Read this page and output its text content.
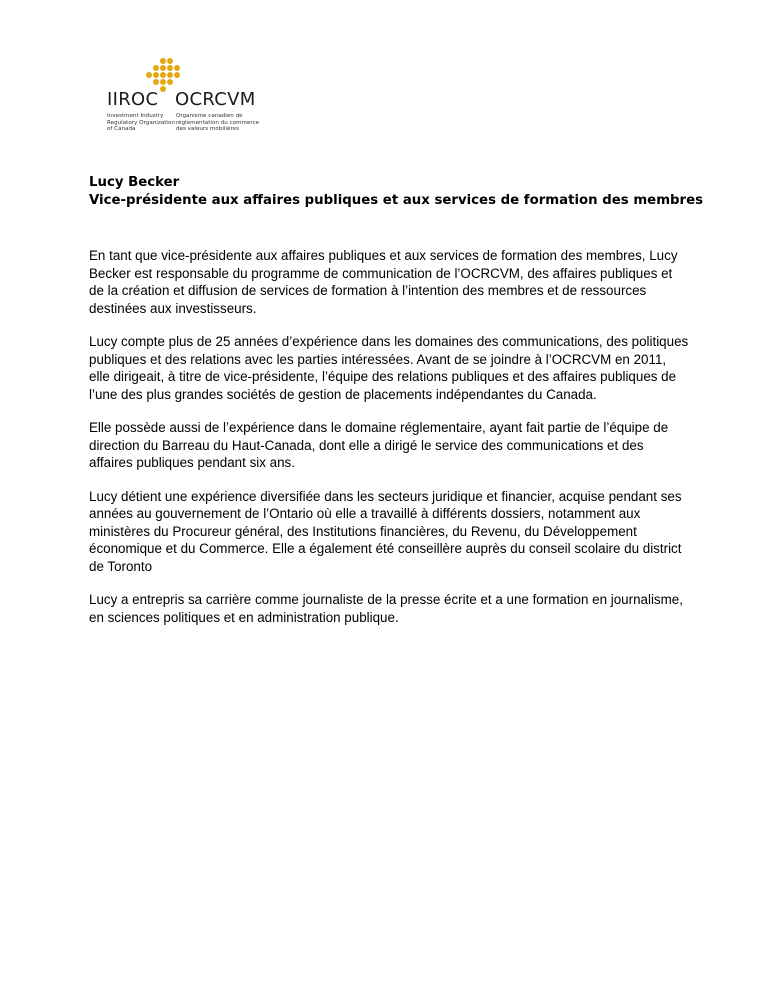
IIROC OCRCVM
Investment Industry
Regulatory Organization
of Canada
Organisme canadien de
réglementation du commerce
des valeurs mobilières

Lucy Becker

Vice-présidente aux affaires publiques et aux services de formation des membres

En tant que vice-présidente aux affaires publiques et aux services de formation des membres, Lucy Becker est responsable du programme de communication de l’OCRCVM, des affaires publiques et de la création et diffusion de services de formation à l’intention des membres et de ressources destinées aux investisseurs.

Lucy compte plus de 25 années d’expérience dans les domaines des communications, des politiques publiques et des relations avec les parties intéressées. Avant de se joindre à l’OCRCVM en 2011, elle dirigeait, à titre de vice-présidente, l’équipe des relations publiques et des affaires publiques de l’une des plus grandes sociétés de gestion de placements indépendantes du Canada.

Elle possède aussi de l’expérience dans le domaine réglementaire, ayant fait partie de l’équipe de direction du Barreau du Haut-Canada, dont elle a dirigé le service des communications et des affaires publiques pendant six ans.

Lucy détient une expérience diversifiée dans les secteurs juridique et financier, acquise pendant ses années au gouvernement de l’Ontario où elle a travaillé à différents dossiers, notamment aux ministères du Procureur général, des Institutions financières, du Revenu, du Développement économique et du Commerce. Elle a également été conseillère auprès du conseil scolaire du district de Toronto

Lucy a entrepris sa carrière comme journaliste de la presse écrite et a une formation en journalisme, en sciences politiques et en administration publique.
